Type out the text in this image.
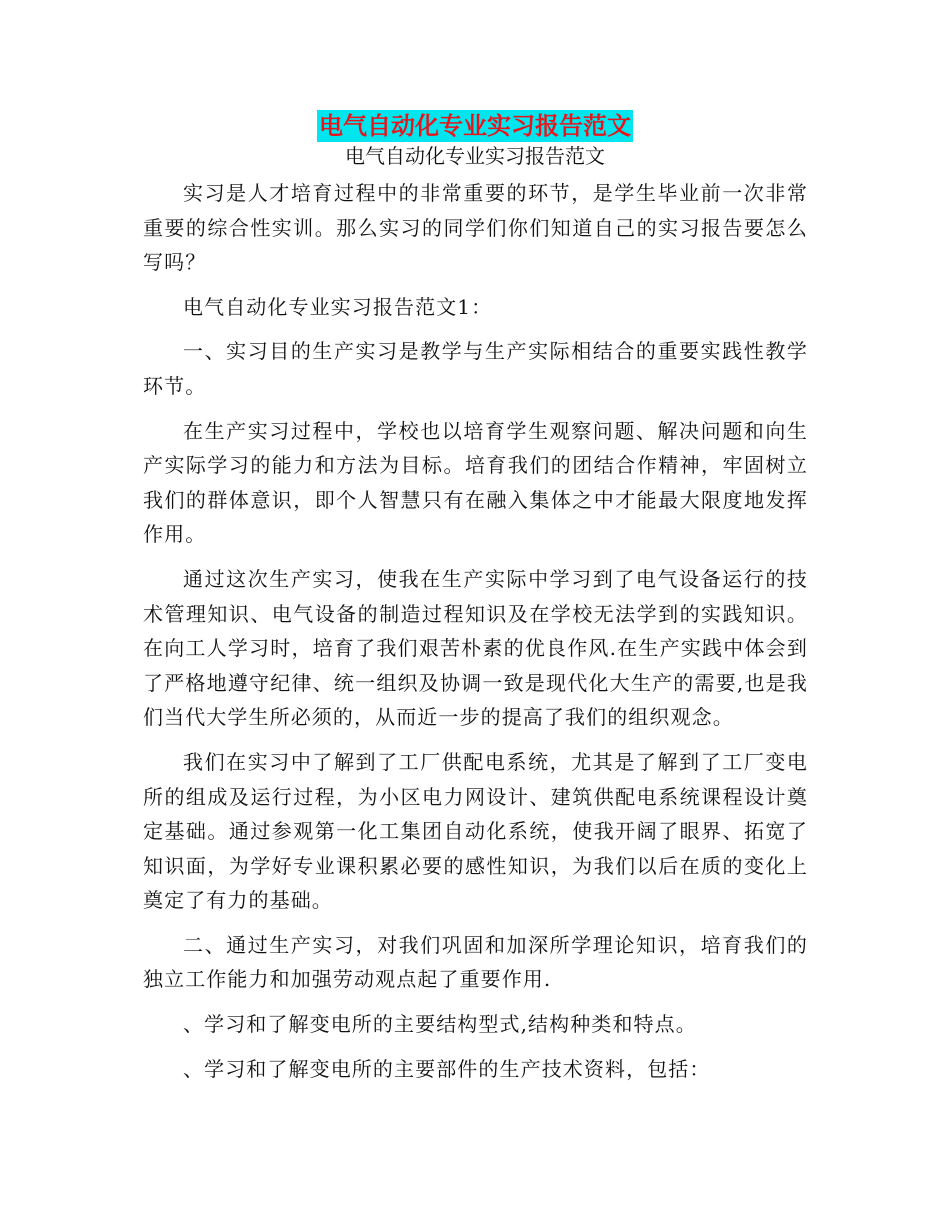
电气自动化专业实习报告范文
电气自动化专业实习报告范文

实习是人才培育过程中的非常重要的环节，是学生毕业前一次非常重要的综合性实训。那么实习的同学们你们知道自己的实习报告要怎么写吗？

电气自动化专业实习报告范文1：

一、实习目的生产实习是教学与生产实际相结合的重要实践性教学环节。

在生产实习过程中，学校也以培育学生观察问题、解决问题和向生产实际学习的能力和方法为目标。培育我们的团结合作精神，牢固树立我们的群体意识，即个人智慧只有在融入集体之中才能最大限度地发挥作用。

通过这次生产实习，使我在生产实际中学习到了电气设备运行的技术管理知识、电气设备的制造过程知识及在学校无法学到的实践知识。在向工人学习时，培育了我们艰苦朴素的优良作风.在生产实践中体会到了严格地遵守纪律、统一组织及协调一致是现代化大生产的需要,也是我们当代大学生所必须的，从而近一步的提高了我们的组织观念。

我们在实习中了解到了工厂供配电系统，尤其是了解到了工厂变电所的组成及运行过程，为小区电力网设计、建筑供配电系统课程设计奠定基础。通过参观第一化工集团自动化系统，使我开阔了眼界、拓宽了知识面，为学好专业课积累必要的感性知识，为我们以后在质的变化上奠定了有力的基础。

二、通过生产实习，对我们巩固和加深所学理论知识，培育我们的独立工作能力和加强劳动观点起了重要作用.

、学习和了解变电所的主要结构型式,结构种类和特点。

、学习和了解变电所的主要部件的生产技术资料，包括：
